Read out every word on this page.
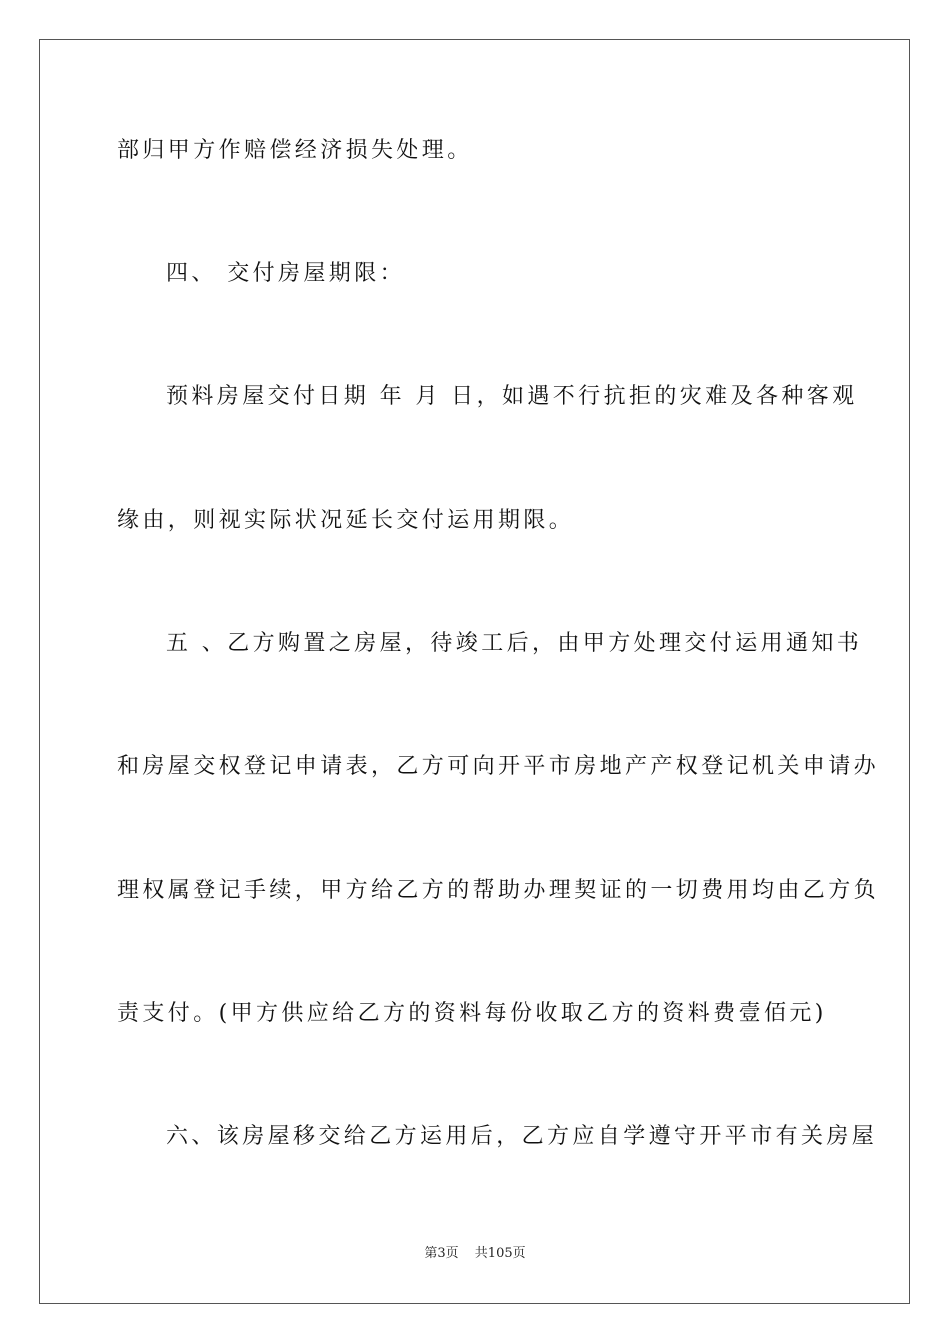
部归甲方作赔偿经济损失处理。
四、 交付房屋期限：
预料房屋交付日期 年 月 日，如遇不行抗拒的灾难及各种客观
缘由，则视实际状况延长交付运用期限。
五 、乙方购置之房屋，待竣工后，由甲方处理交付运用通知书
和房屋交权登记申请表，乙方可向开平市房地产产权登记机关申请办
理权属登记手续，甲方给乙方的帮助办理契证的一切费用均由乙方负
责支付。(甲方供应给乙方的资料每份收取乙方的资料费壹佰元)
六、该房屋移交给乙方运用后，乙方应自学遵守开平市有关房屋
第3页 共105页
